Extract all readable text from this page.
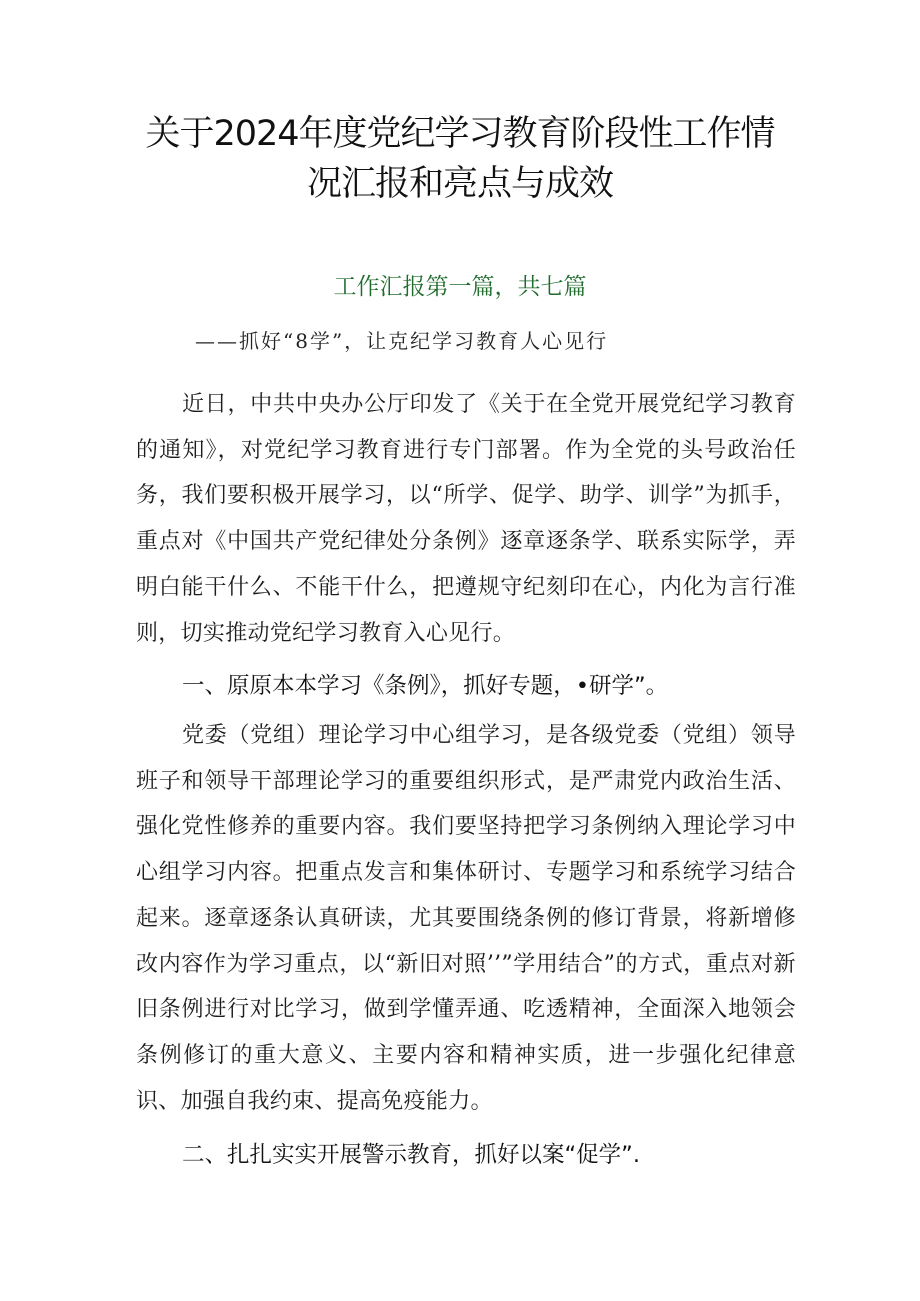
关于2024年度党纪学习教育阶段性工作情
况汇报和亮点与成效

工作汇报第一篇，共七篇

——抓好“8学”，让克纪学习教育人心见行

近日，中共中央办公厅印发了《关于在全党开展党纪学习教育的通知》，对党纪学习教育进行专门部署。作为全党的头号政治任务，我们要积极开展学习，以“所学、促学、助学、训学”为抓手，重点对《中国共产党纪律处分条例》逐章逐条学、联系实际学，弄明白能干什么、不能干什么，把遵规守纪刻印在心，内化为言行准则，切实推动党纪学习教育入心见行。

一、原原本本学习《条例》，抓好专题，•研学”。

党委（党组）理论学习中心组学习，是各级党委（党组）领导班子和领导干部理论学习的重要组织形式，是严肃党内政治生活、强化党性修养的重要内容。我们要坚持把学习条例纳入理论学习中心组学习内容。把重点发言和集体研讨、专题学习和系统学习结合起来。逐章逐条认真研读，尤其要围绕条例的修订背景，将新增修改内容作为学习重点，以“新旧对照’’”学用结合”的方式，重点对新旧条例进行对比学习，做到学懂弄通、吃透精神，全面深入地领会条例修订的重大意义、主要内容和精神实质，进一步强化纪律意识、加强自我约束、提高免疫能力。

二、扎扎实实开展警示教育，抓好以案“促学”.
